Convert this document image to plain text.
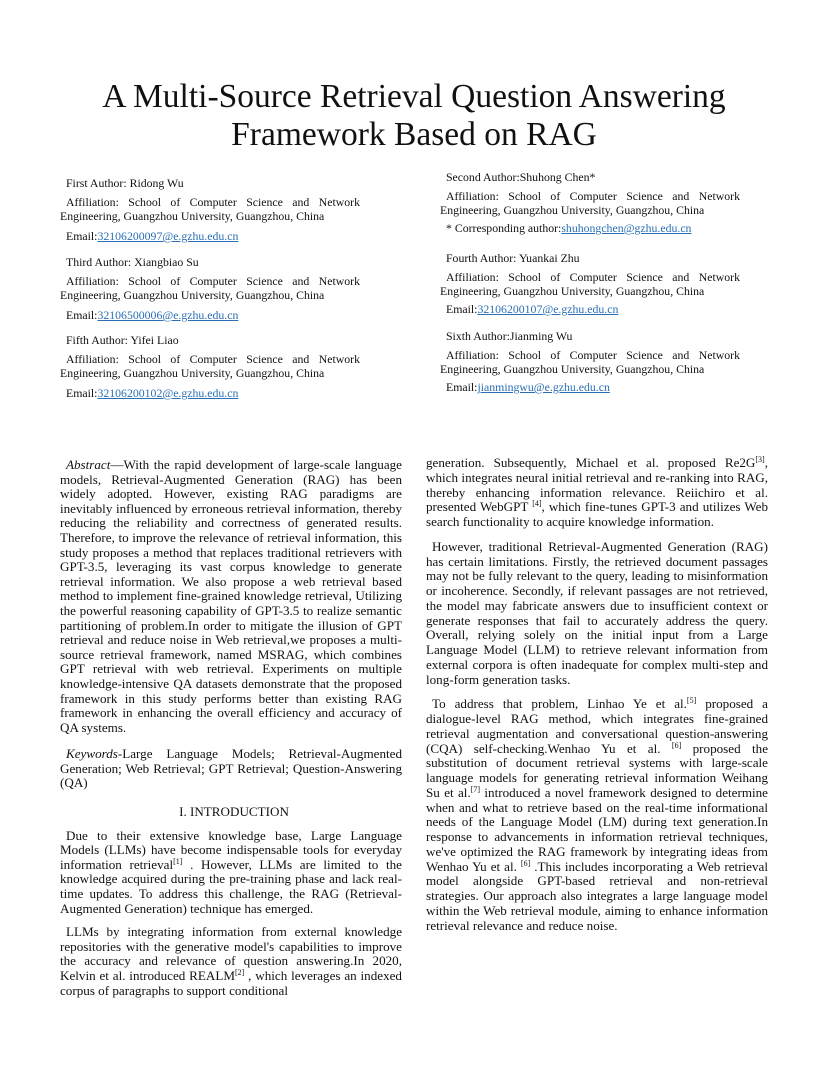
A Multi-Source Retrieval Question Answering
Framework Based on RAG

First Author: Ridong Wu

Affiliation: School of Computer Science and Network Engineering, Guangzhou University, Guangzhou, China

Email:32106200097@e.gzhu.edu.cn

Second Author:Shuhong Chen*

Affiliation: School of Computer Science and Network Engineering, Guangzhou University, Guangzhou, China

* Corresponding author:shuhongchen@gzhu.edu.cn

Third Author: Xiangbiao Su

Affiliation: School of Computer Science and Network Engineering, Guangzhou University, Guangzhou, China

Email:32106500006@e.gzhu.edu.cn

Fourth Author: Yuankai Zhu

Affiliation: School of Computer Science and Network Engineering, Guangzhou University, Guangzhou, China

Email:32106200107@e.gzhu.edu.cn

Fifth Author: Yifei Liao

Affiliation: School of Computer Science and Network Engineering, Guangzhou University, Guangzhou, China

Email:32106200102@e.gzhu.edu.cn

Sixth Author:Jianming Wu

Affiliation: School of Computer Science and Network Engineering, Guangzhou University, Guangzhou, China

Email:jianmingwu@e.gzhu.edu.cn

Abstract—With the rapid development of large-scale language models, Retrieval-Augmented Generation (RAG) has been widely adopted. However, existing RAG paradigms are inevitably influenced by erroneous retrieval information, thereby reducing the reliability and correctness of generated results. Therefore, to improve the relevance of retrieval information, this study proposes a method that replaces traditional retrievers with GPT-3.5, leveraging its vast corpus knowledge to generate retrieval information. We also propose a web retrieval based method to implement fine-grained knowledge retrieval, Utilizing the powerful reasoning capability of GPT-3.5 to realize semantic partitioning of problem.In order to mitigate the illusion of GPT retrieval and reduce noise in Web retrieval,we proposes a multi-source retrieval framework, named MSRAG, which combines GPT retrieval with web retrieval. Experiments on multiple knowledge-intensive QA datasets demonstrate that the proposed framework in this study performs better than existing RAG framework in enhancing the overall efficiency and accuracy of QA systems.

Keywords-Large Language Models; Retrieval-Augmented Generation; Web Retrieval; GPT Retrieval; Question-Answering (QA)

I. INTRODUCTION

Due to their extensive knowledge base, Large Language Models (LLMs) have become indispensable tools for everyday information retrieval[1] . However, LLMs are limited to the knowledge acquired during the pre-training phase and lack real-time updates. To address this challenge, the RAG (Retrieval-Augmented Generation) technique has emerged.

LLMs by integrating information from external knowledge repositories with the generative model's capabilities to improve the accuracy and relevance of question answering.In 2020, Kelvin et al. introduced REALM[2] , which leverages an indexed corpus of paragraphs to support conditional

generation. Subsequently, Michael et al. proposed Re2G[3], which integrates neural initial retrieval and re-ranking into RAG, thereby enhancing information relevance. Reiichiro et al. presented WebGPT [4], which fine-tunes GPT-3 and utilizes Web search functionality to acquire knowledge information.

However, traditional Retrieval-Augmented Generation (RAG) has certain limitations. Firstly, the retrieved document passages may not be fully relevant to the query, leading to misinformation or incoherence. Secondly, if relevant passages are not retrieved, the model may fabricate answers due to insufficient context or generate responses that fail to accurately address the query. Overall, relying solely on the initial input from a Large Language Model (LLM) to retrieve relevant information from external corpora is often inadequate for complex multi-step and long-form generation tasks.

To address that problem, Linhao Ye et al.[5] proposed a dialogue-level RAG method, which integrates fine-grained retrieval augmentation and conversational question-answering (CQA) self-checking.Wenhao Yu et al. [6] proposed the substitution of document retrieval systems with large-scale language models for generating retrieval information Weihang Su et al.[7] introduced a novel framework designed to determine when and what to retrieve based on the real-time informational needs of the Language Model (LM) during text generation.In response to advancements in information retrieval techniques, we've optimized the RAG framework by integrating ideas from Wenhao Yu et al. [6] .This includes incorporating a Web retrieval model alongside GPT-based retrieval and non-retrieval strategies. Our approach also integrates a large language model within the Web retrieval module, aiming to enhance information retrieval relevance and reduce noise.
